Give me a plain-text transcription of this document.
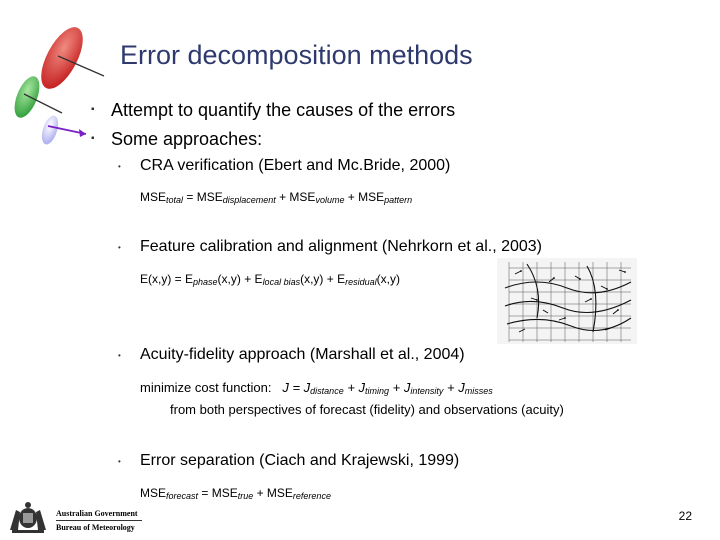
Error decomposition methods
▪ Attempt to quantify the causes of the errors
▪ Some approaches:
• CRA verification (Ebert and Mc.Bride, 2000)
$MSE_{total} = MSE_{displacement} + MSE_{volume} + MSE_{pattern}$
• Feature calibration and alignment (Nehrkorn et al., 2003)
$E(x,y) = E_{phase}(x,y) + E_{local bias}(x,y) + E_{residual}(x,y)$
• Acuity-fidelity approach (Marshall et al., 2004)
minimize cost function: $J = J_{distance} + J_{timing} + J_{intensity} + J_{misses}$
from both perspectives of forecast (fidelity) and observations (acuity)
• Error separation (Ciach and Krajewski, 1999)
$MSE_{forecast} = MSE_{true} + MSE_{reference}$
Australian Government
Bureau of Meteorology
22
